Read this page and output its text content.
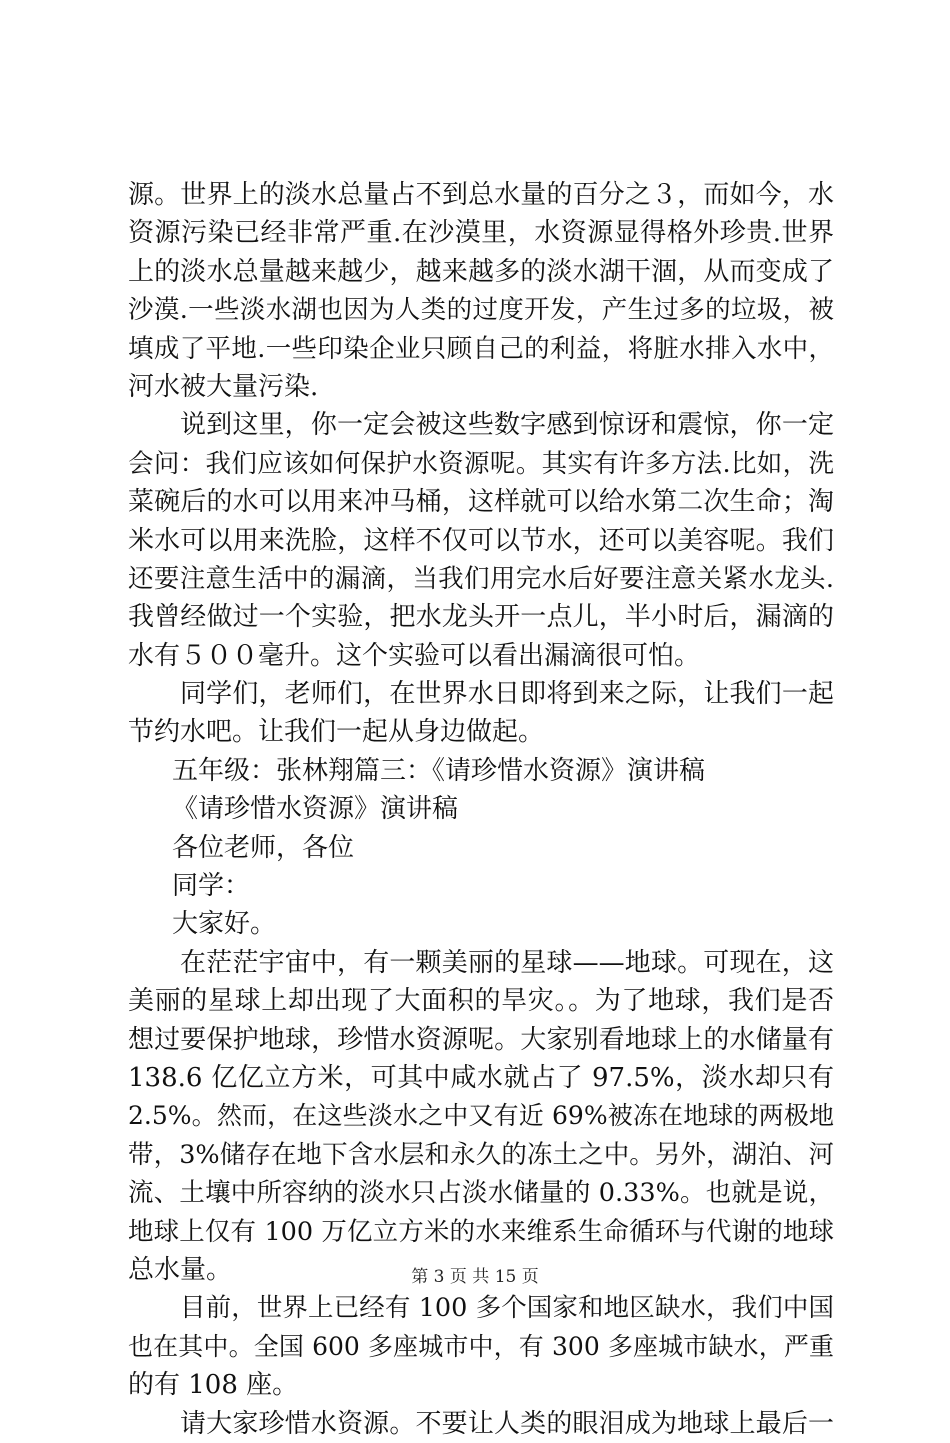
源。世界上的淡水总量占不到总水量的百分之３，而如今，水
资源污染已经非常严重.在沙漠里，水资源显得格外珍贵.世界
上的淡水总量越来越少，越来越多的淡水湖干涸，从而变成了
沙漠.一些淡水湖也因为人类的过度开发，产生过多的垃圾，被
填成了平地.一些印染企业只顾自己的利益，将脏水排入水中，
河水被大量污染.
说到这里，你一定会被这些数字感到惊讶和震惊，你一定
会问：我们应该如何保护水资源呢。其实有许多方法.比如，洗
菜碗后的水可以用来冲马桶，这样就可以给水第二次生命；淘
米水可以用来洗脸，这样不仅可以节水，还可以美容呢。我们
还要注意生活中的漏滴，当我们用完水后好要注意关紧水龙头.
我曾经做过一个实验，把水龙头开一点儿，半小时后，漏滴的
水有５００毫升。这个实验可以看出漏滴很可怕。
同学们，老师们，在世界水日即将到来之际，让我们一起
节约水吧。让我们一起从身边做起。
五年级：张林翔篇三：《请珍惜水资源》演讲稿
《请珍惜水资源》演讲稿
各位老师，各位
同学：
大家好。
在茫茫宇宙中，有一颗美丽的星球——地球。可现在，这
美丽的星球上却出现了大面积的旱灾。。为了地球，我们是否
想过要保护地球，珍惜水资源呢。大家别看地球上的水储量有
138.6 亿亿立方米，可其中咸水就占了 97.5%，淡水却只有
2.5%。然而，在这些淡水之中又有近 69%被冻在地球的两极地
带，3%储存在地下含水层和永久的冻土之中。另外，湖泊、河
流、土壤中所容纳的淡水只占淡水储量的 0.33%。也就是说，
地球上仅有 100 万亿立方米的水来维系生命循环与代谢的地球
总水量。
目前，世界上已经有 100 多个国家和地区缺水，我们中国
也在其中。全国 600 多座城市中，有 300 多座城市缺水，严重
的有 108 座。
请大家珍惜水资源。不要让人类的眼泪成为地球上最后一
第 3 页 共 15 页
